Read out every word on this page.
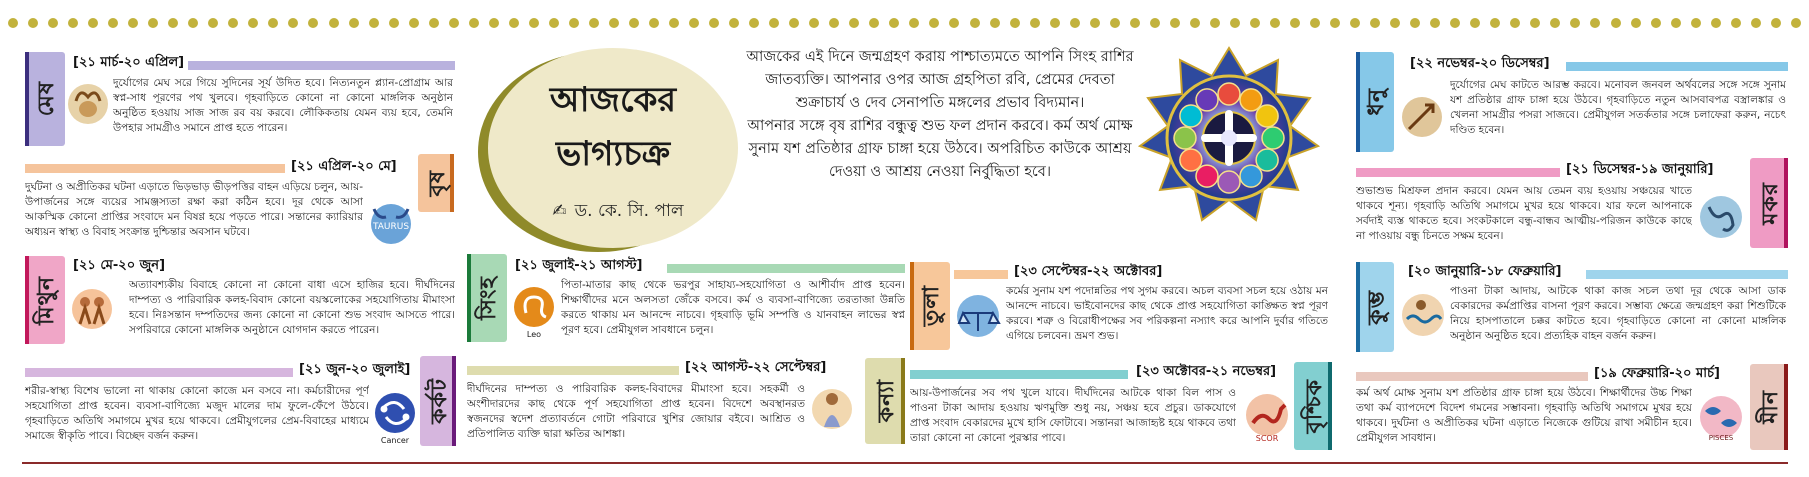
আজকের
ভাগ্যচক্র
✍ ড. কে. সি. পাল

আজকের এই দিনে জন্মগ্রহণ করায় পাশ্চাত্যমতে আপনি সিংহ রাশির জাতব্যক্তি। আপনার ওপর আজ গ্রহপিতা রবি, প্রেমের দেবতা শুক্রাচার্য ও দেব সেনাপতি মঙ্গলের প্রভাব বিদ্যমান।

আপনার সঙ্গে বৃষ রাশির বন্ধুত্ব শুভ ফল প্রদান করবে। কর্ম অর্থ মোক্ষ সুনাম যশ প্রতিষ্ঠার গ্রাফ চাঙ্গা হয়ে উঠবে। অপরিচিত কাউকে আশ্রয় দেওয়া ও আশ্রয় নেওয়া নির্বুদ্ধিতা হবে।

মেষ
[২১ মার্চ-২০ এপ্রিল]
দুর্যোগের মেঘ সরে গিয়ে সুদিনের সূর্য উদিত হবে। নিত্যনতুন প্ল্যান-প্রোগ্রাম আর স্বপ্ন-সাধ পূরণের পথ খুলবে। গৃহবাড়িতে কোনো না কোনো মাঙ্গলিক অনুষ্ঠান অনুষ্ঠিত হওয়ায় সাজ সাজ রব বয় করবে। লৌকিকতায় যেমন ব্যয় হবে, তেমনি উপহার সামগ্রীও সমানে প্রাপ্ত হতে পারেন।
বৃষ
[২১ এপ্রিল-২০ মে]
TAURUS
দুর্ঘটনা ও অপ্রীতিকর ঘটনা এড়াতে ভিড়ভাড় ভীড়পত্তির বাহন এড়িয়ে চলুন, আয়-উপার্জনের সঙ্গে ব্যয়ের সামঞ্জস্যতা রক্ষা করা কঠিন হবে। দূর থেকে আসা আকস্মিক কোনো প্রাপ্তির সংবাদে মন বিষণ্ণ হয়ে পড়তে পারে। সন্তানের ক্যারিয়ার অধ্যয়ন স্বাস্থ্য ও বিবাহ সংক্রান্ত দুশ্চিন্তার অবসান ঘটবে।
মিথুন
[২১ মে-২০ জুন]
অত্যাবশ্যকীয় বিবাহে কোনো না কোনো বাধা এসে হাজির হবে। দীর্ঘদিনের দাম্পত্য ও পারিবারিক কলহ-বিবাদ কোনো বয়স্কলোকের সহযোগিতায় মীমাংসা হবে। নিঃসন্তান দম্পতিদের জন্য কোনো না কোনো শুভ সংবাদ আসতে পারে। সপরিবারে কোনো মাঙ্গলিক অনুষ্ঠানে যোগদান করতে পারেন।
কর্কট
[২১ জুন-২০ জুলাই]
Cancer
শরীর-স্বাস্থ্য বিশেষ ভালো না থাকায় কোনো কাজে মন বসবে না। কর্মচারীদের পূর্ণ সহযোগিতা প্রাপ্ত হবেন। ব্যবসা-বাণিজ্যে মজুদ মালের দাম ফুলে-ফেঁপে উঠবে। গৃহবাড়িতে অতিথি সমাগমে মুখর হয়ে থাকবে। প্রেমীযুগলের প্রেম-বিবাহের মাধ্যমে সমাজে স্বীকৃতি পাবে। বিচ্ছেদ বর্জন করুন।
সিংহ
[২১ জুলাই-২১ আগস্ট]
Leo
পিতা-মাতার কাছ থেকে ভরপুর সাহায্য-সহযোগিতা ও আশীর্বাদ প্রাপ্ত হবেন। শিক্ষার্থীদের মনে অলসতা জেঁকে বসবে। কর্ম ও ব্যবসা-বাণিজ্যে তরতাজা উন্নতি করতে থাকায় মন আনন্দে নাচবে। গৃহবাড়ি ভূমি সম্পত্তি ও যানবাহন লাভের স্বপ্ন পূরণ হবে। প্রেমীযুগল সাবধানে চলুন।
কন্যা
[২২ আগস্ট-২২ সেপ্টেম্বর]
দীর্ঘদিনের দাম্পত্য ও পারিবারিক কলহ-বিবাদের মীমাংসা হবে। সহকর্মী ও অংশীদারদের কাছ থেকে পূর্ণ সহযোগিতা প্রাপ্ত হবেন। বিদেশে অবস্থানরত স্বজনদের স্বদেশ প্রত্যাবর্তনে গোটা পরিবারে খুশির জোয়ার বইবে। আশ্রিত ও প্রতিপালিত ব্যক্তি দ্বারা ক্ষতির আশঙ্কা।
তুলা
[২৩ সেপ্টেম্বর-২২ অক্টোবর]
কর্মের সুনাম যশ পদোন্নতির পথ সুগম করবে। অচল ব্যবসা সচল হয়ে ওঠায় মন আনন্দে নাচবে। ভাইবোনদের কাছ থেকে প্রাপ্ত সহযোগিতা কাঙ্ক্ষিত স্বপ্ন পূরণ করবে। শত্রু ও বিরোধীপক্ষের সব পরিকল্পনা নস্যাৎ করে আপনি দুর্বার গতিতে এগিয়ে চলবেন। ভ্রমণ শুভ।
বৃশ্চিক
[২৩ অক্টোবর-২১ নভেম্বর]
SCOR
আয়-উপার্জনের সব পথ খুলে যাবে। দীর্ঘদিনের আটকে থাকা বিল পাস ও পাওনা টাকা আদায় হওয়ায় ঋণমুক্তি শুধু নয়, সঞ্চয় হবে প্রচুর। ডাকযোগে প্রাপ্ত সংবাদ বেকারদের মুখে হাসি ফোটাবে। সন্তানরা আজাহৃষ্ট হয়ে থাকবে তথা তারা কোনো না কোনো পুরস্কার পাবে।
ধনু
[২২ নভেম্বর-২০ ডিসেম্বর]
দুর্যোগের মেঘ কাটতে আরম্ভ করবে। মনোবল জনবল অর্থবলের সঙ্গে সঙ্গে সুনাম যশ প্রতিষ্ঠার গ্রাফ চাঙ্গা হয়ে উঠবে। গৃহবাড়িতে নতুন আসবাবপত্র বস্ত্রালঙ্কার ও খেলনা সামগ্রীর পসরা সাজবে। প্রেমীযুগল সতর্কতার সঙ্গে চলাফেরা করুন, নচেৎ দণ্ডিত হবেন।
মকর
[২১ ডিসেম্বর-১৯ জানুয়ারি]
শুভাশুভ মিশ্রফল প্রদান করবে। যেমন আয় তেমন ব্যয় হওয়ায় সঞ্চয়ের খাতে থাকবে শূন্য। গৃহবাড়ি অতিথি সমাগমে মুখর হয়ে থাকবে। যার ফলে আপনাকে সর্বদাই ব্যস্ত থাকতে হবে। সংকটকালে বন্ধু-বান্ধব আত্মীয়-পরিজন কাউকে কাছে না পাওয়ায় বন্ধু চিনতে সক্ষম হবেন।
কুম্ভ
[২০ জানুয়ারি-১৮ ফেব্রুয়ারি]
পাওনা টাকা আদায়, আটকে থাকা কাজ সচল তথা দূর থেকে আসা ডাক বেকারদের কর্মপ্রাপ্তির বাসনা পূরণ করবে। সম্ভাব্য ক্ষেত্রে জন্মগ্রহণ করা শিশুটিকে নিয়ে হাসপাতালে চক্কর কাটতে হবে। গৃহবাড়িতে কোনো না কোনো মাঙ্গলিক অনুষ্ঠান অনুষ্ঠিত হবে। প্রত্যহিক বাহন বর্জন করুন।
মীন
[১৯ ফেব্রুয়ারি-২০ মার্চ]
PISCES
কর্ম অর্থ মোক্ষ সুনাম যশ প্রতিষ্ঠার গ্রাফ চাঙ্গা হয়ে উঠবে। শিক্ষার্থীদের উচ্চ শিক্ষা তথা কর্ম ব্যাপদেশে বিদেশ গমনের সম্ভাবনা। গৃহবাড়ি অতিথি সমাগমে মুখর হয়ে থাকবে। দুর্ঘটনা ও অপ্রীতিকর ঘটনা এড়াতে নিজেকে গুটিয়ে রাখা সমীচীন হবে। প্রেমীযুগল সাবধান।
